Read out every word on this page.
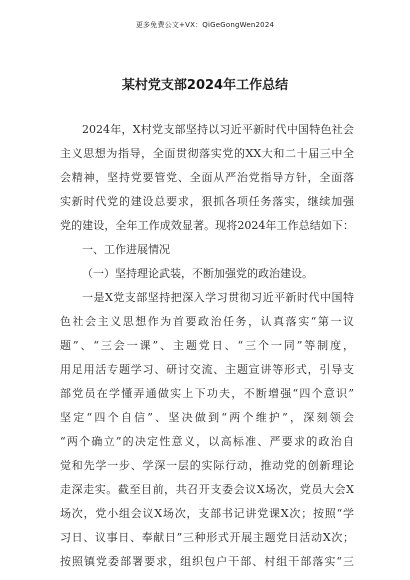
更多免费公文+VX：QiGeGongWen2024
某村党支部2024年工作总结
2024年，X村党支部坚持以习近平新时代中国特色社会
主义思想为指导，全面贯彻落实党的XX大和二十届三中全
会精神，坚持党要管党、全面从严治党指导方针，全面落
实新时代党的建设总要求，狠抓各项任务落实，继续加强
党的建设，全年工作成效显著。现将2024年工作总结如下：
一、工作进展情况
（一）坚持理论武装，不断加强党的政治建设。
一是X党支部坚持把深入学习贯彻习近平新时代中国特
色社会主义思想作为首要政治任务，认真落实“第一议
题”、“三会一课”、主题党日、“三个一同”等制度，
用足用活专题学习、研讨交流、主题宣讲等形式，引导支
部党员在学懂弄通做实上下功夫，不断增强“四个意识”
坚定“四个自信”、坚决做到“两个维护”，深刻领会
“两个确立”的决定性意义，以高标准、严要求的政治自
觉和先学一步、学深一层的实际行动，推动党的创新理论
走深走实。截至目前，共召开支委会议X场次，党员大会X
场次，党小组会议X场次，支部书记讲党课X次；按照“学
习日、议事日、奉献日”三种形式开展主题党日活动X次；
按照镇党委部署要求，组织包户干部、村组干部落实“三
